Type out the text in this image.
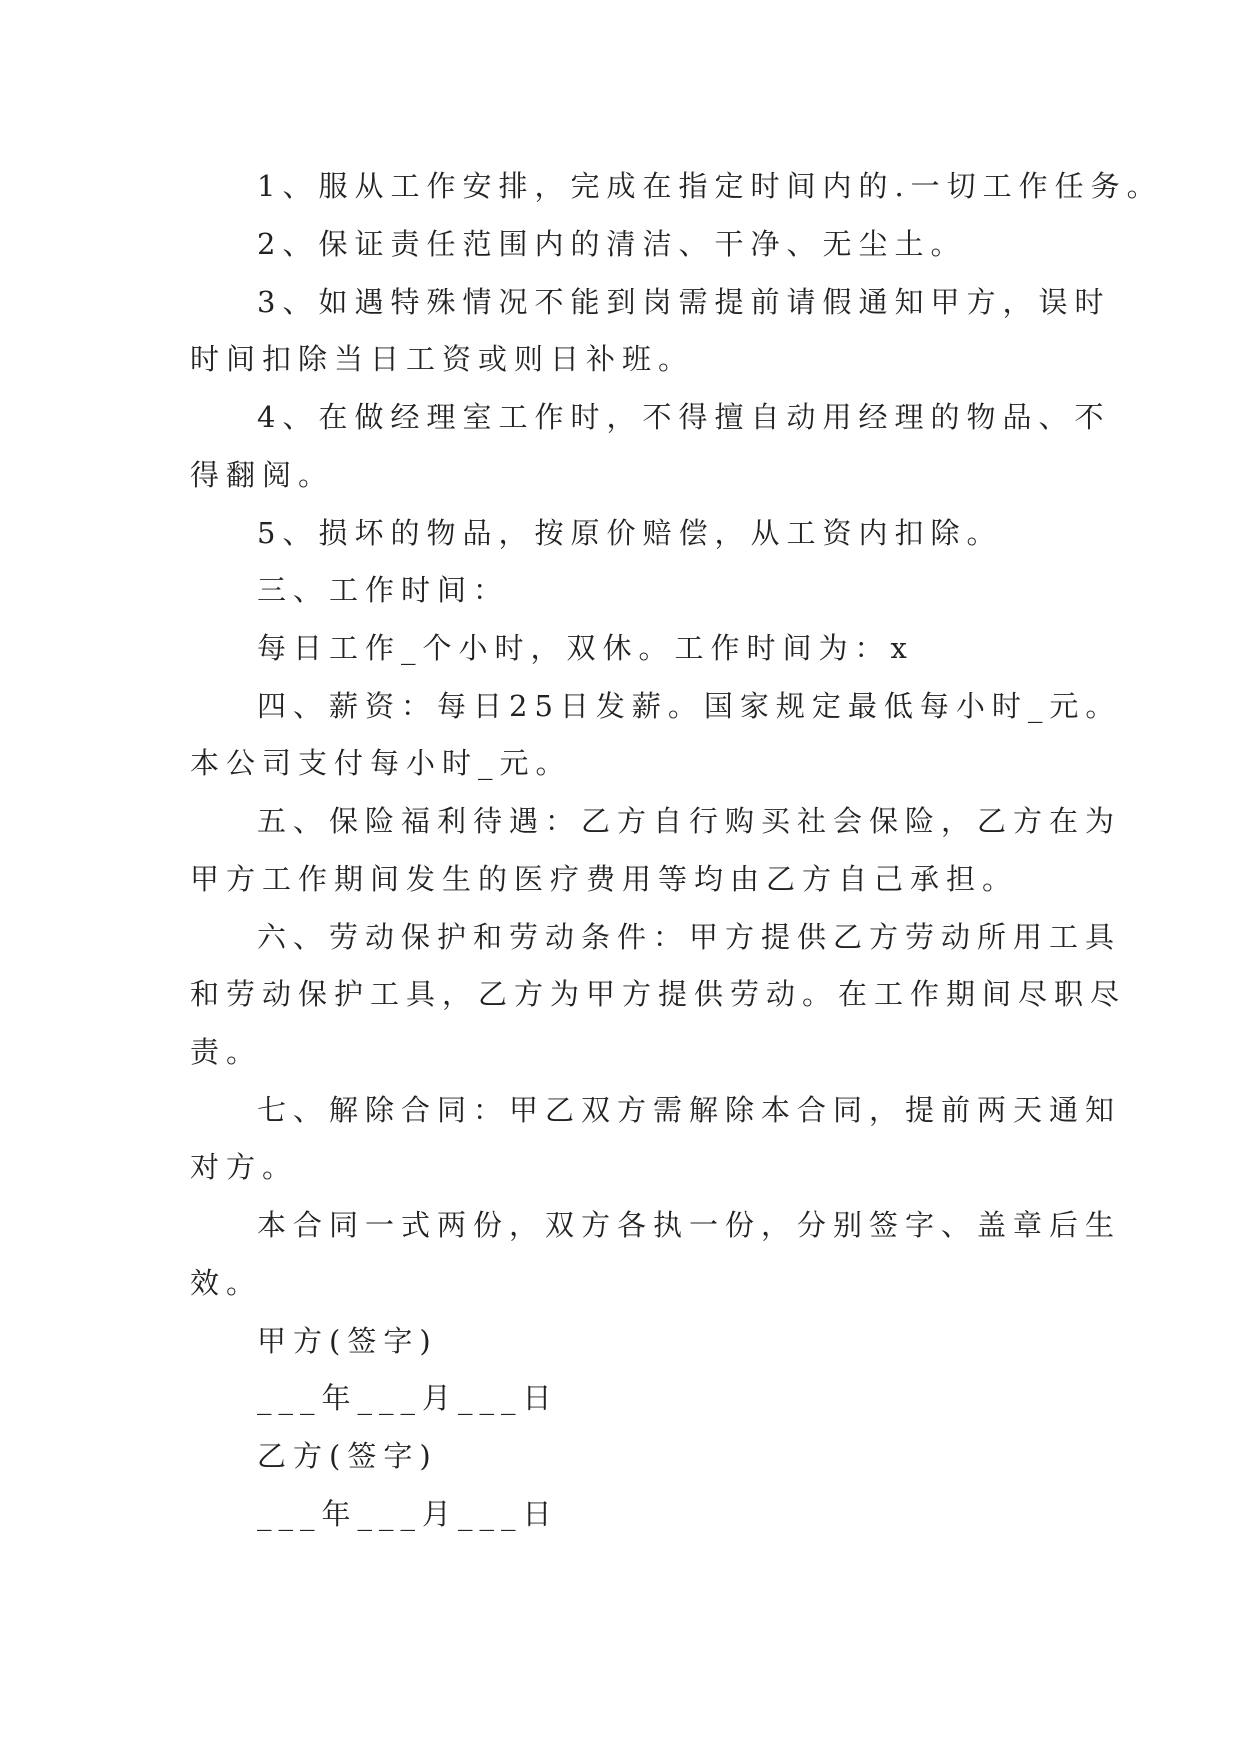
1、服从工作安排，完成在指定时间内的.一切工作任务。
2、保证责任范围内的清洁、干净、无尘土。
3、如遇特殊情况不能到岗需提前请假通知甲方，误时
时间扣除当日工资或则日补班。
4、在做经理室工作时，不得擅自动用经理的物品、不
得翻阅。
5、损坏的物品，按原价赔偿，从工资内扣除。
三、工作时间：
每日工作_个小时，双休。工作时间为：x
四、薪资：每日25日发薪。国家规定最低每小时_元。
本公司支付每小时_元。
五、保险福利待遇：乙方自行购买社会保险，乙方在为
甲方工作期间发生的医疗费用等均由乙方自己承担。
六、劳动保护和劳动条件：甲方提供乙方劳动所用工具
和劳动保护工具，乙方为甲方提供劳动。在工作期间尽职尽
责。
七、解除合同：甲乙双方需解除本合同，提前两天通知
对方。
本合同一式两份，双方各执一份，分别签字、盖章后生
效。
甲方(签字)
___年___月___日
乙方(签字)
___年___月___日
